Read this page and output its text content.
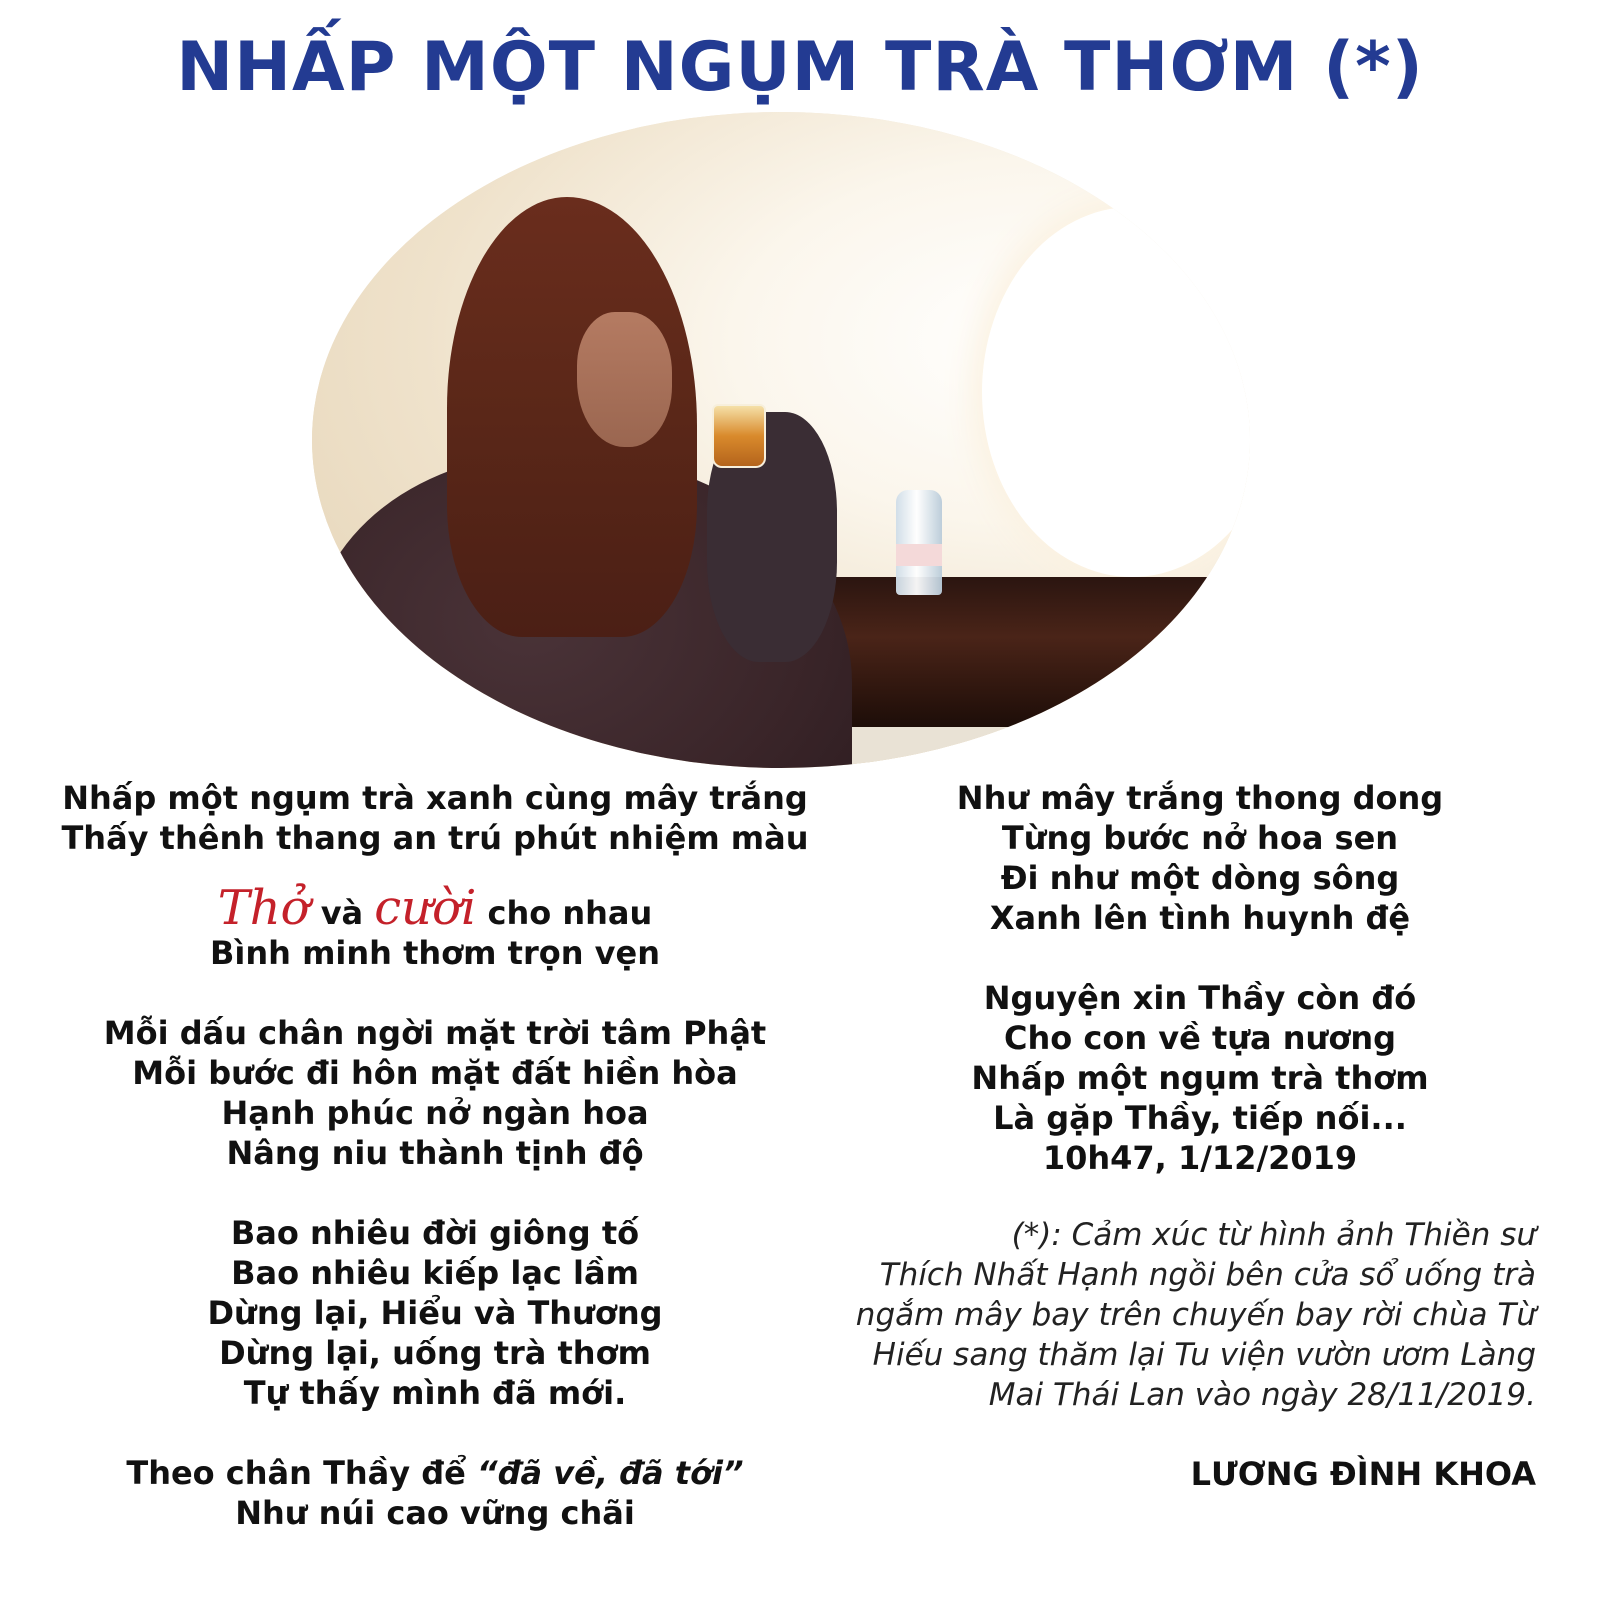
NHẤP MỘT NGỤM TRÀ THƠM (*)
Nhấp một ngụm trà xanh cùng mây trắng
Thấy thênh thang an trú phút nhiệm màu
Thở và cười cho nhau
Bình minh thơm trọn vẹn
Mỗi dấu chân ngời mặt trời tâm Phật
Mỗi bước đi hôn mặt đất hiền hòa
Hạnh phúc nở ngàn hoa
Nâng niu thành tịnh độ
Bao nhiêu đời giông tố
Bao nhiêu kiếp lạc lầm
Dừng lại, Hiểu và Thương
Dừng lại, uống trà thơm
Tự thấy mình đã mới.
Theo chân Thầy để “đã về, đã tới”
Như núi cao vững chãi
Như mây trắng thong dong
Từng bước nở hoa sen
Đi như một dòng sông
Xanh lên tình huynh đệ
Nguyện xin Thầy còn đó
Cho con về tựa nương
Nhấp một ngụm trà thơm
Là gặp Thầy, tiếp nối...
10h47, 1/12/2019
(*): Cảm xúc từ hình ảnh Thiền sư
Thích Nhất Hạnh ngồi bên cửa sổ uống trà
ngắm mây bay trên chuyến bay rời chùa Từ
Hiếu sang thăm lại Tu viện vườn ươm Làng
Mai Thái Lan vào ngày 28/11/2019.
LƯƠNG ĐÌNH KHOA
